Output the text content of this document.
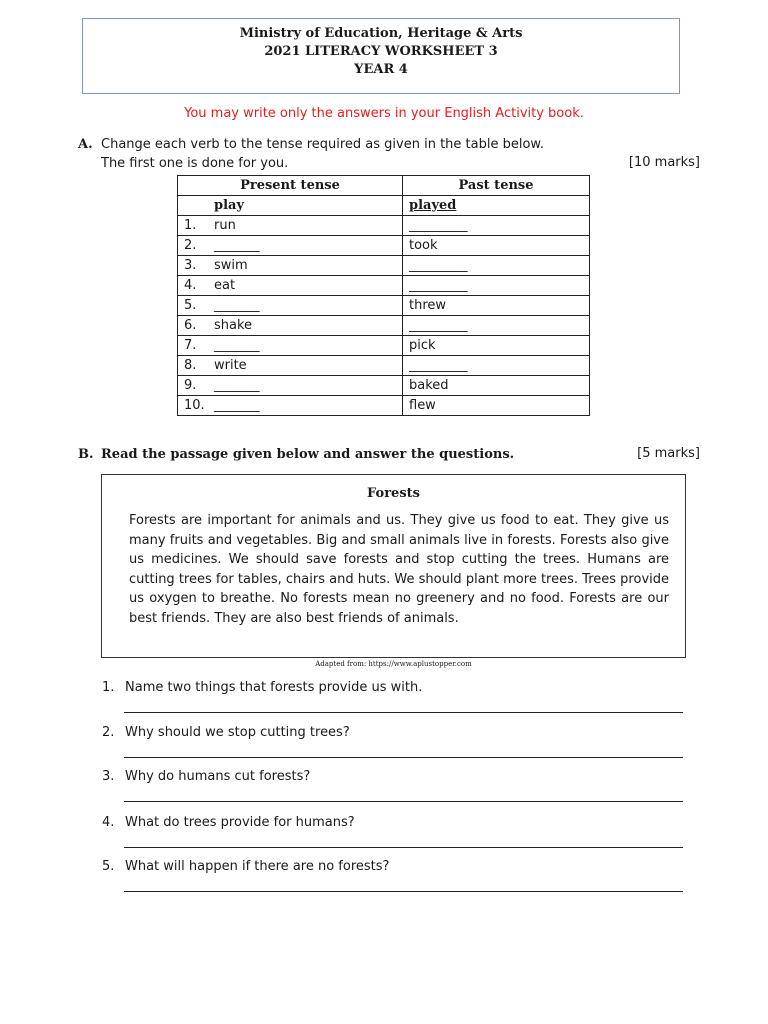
Ministry of Education, Heritage & Arts
2021 LITERACY WORKSHEET 3
YEAR 4
You may write only the answers in your English Activity book.
A. Change each verb to the tense required as given in the table below.
The first one is done for you.	[10 marks]
Present tense	Past tense
play	played
1. run	_________
2. _______	took
3. swim	_________
4. eat	_________
5. _______	threw
6. shake	_________
7. _______	pick
8. write	_________
9. _______	baked
10. _______	flew
B. Read the passage given below and answer the questions.	[5 marks]
Forests
Forests are important for animals and us. They give us food to eat. They give us many fruits and vegetables. Big and small animals live in forests. Forests also give us medicines. We should save forests and stop cutting the trees. Humans are cutting trees for tables, chairs and huts. We should plant more trees. Trees provide us oxygen to breathe. No forests mean no greenery and no food. Forests are our best friends. They are also best friends of animals.
Adapted from: https://www.aplustopper.com
1. Name two things that forests provide us with.
2. Why should we stop cutting trees?
3. Why do humans cut forests?
4. What do trees provide for humans?
5. What will happen if there are no forests?
